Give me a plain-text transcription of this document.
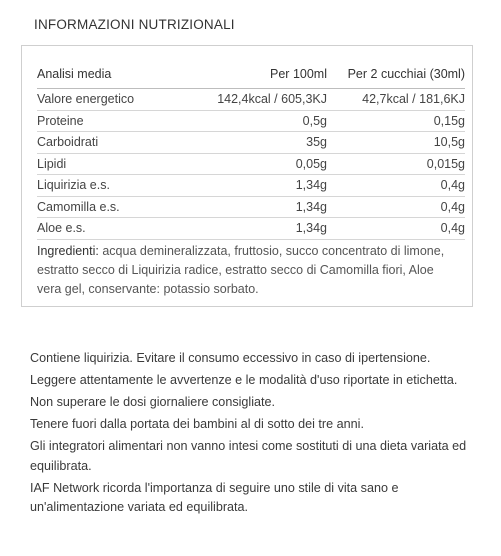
INFORMAZIONI NUTRIZIONALI
Analisi media	Per 100ml	Per 2 cucchiai (30ml)
Valore energetico	142,4kcal / 605,3KJ	42,7kcal / 181,6KJ
Proteine	0,5g	0,15g
Carboidrati	35g	10,5g
Lipidi	0,05g	0,015g
Liquirizia e.s.	1,34g	0,4g
Camomilla e.s.	1,34g	0,4g
Aloe e.s.	1,34g	0,4g
Ingredienti: acqua demineralizzata, fruttosio, succo concentrato di limone, estratto secco di Liquirizia radice, estratto secco di Camomilla fiori, Aloe vera gel, conservante: potassio sorbato.

Contiene liquirizia. Evitare il consumo eccessivo in caso di ipertensione.

Leggere attentamente le avvertenze e le modalità d'uso riportate in etichetta.

Non superare le dosi giornaliere consigliate.

Tenere fuori dalla portata dei bambini al di sotto dei tre anni.

Gli integratori alimentari non vanno intesi come sostituti di una dieta variata ed equilibrata.

IAF Network ricorda l'importanza di seguire uno stile di vita sano e un'alimentazione variata ed equilibrata.
